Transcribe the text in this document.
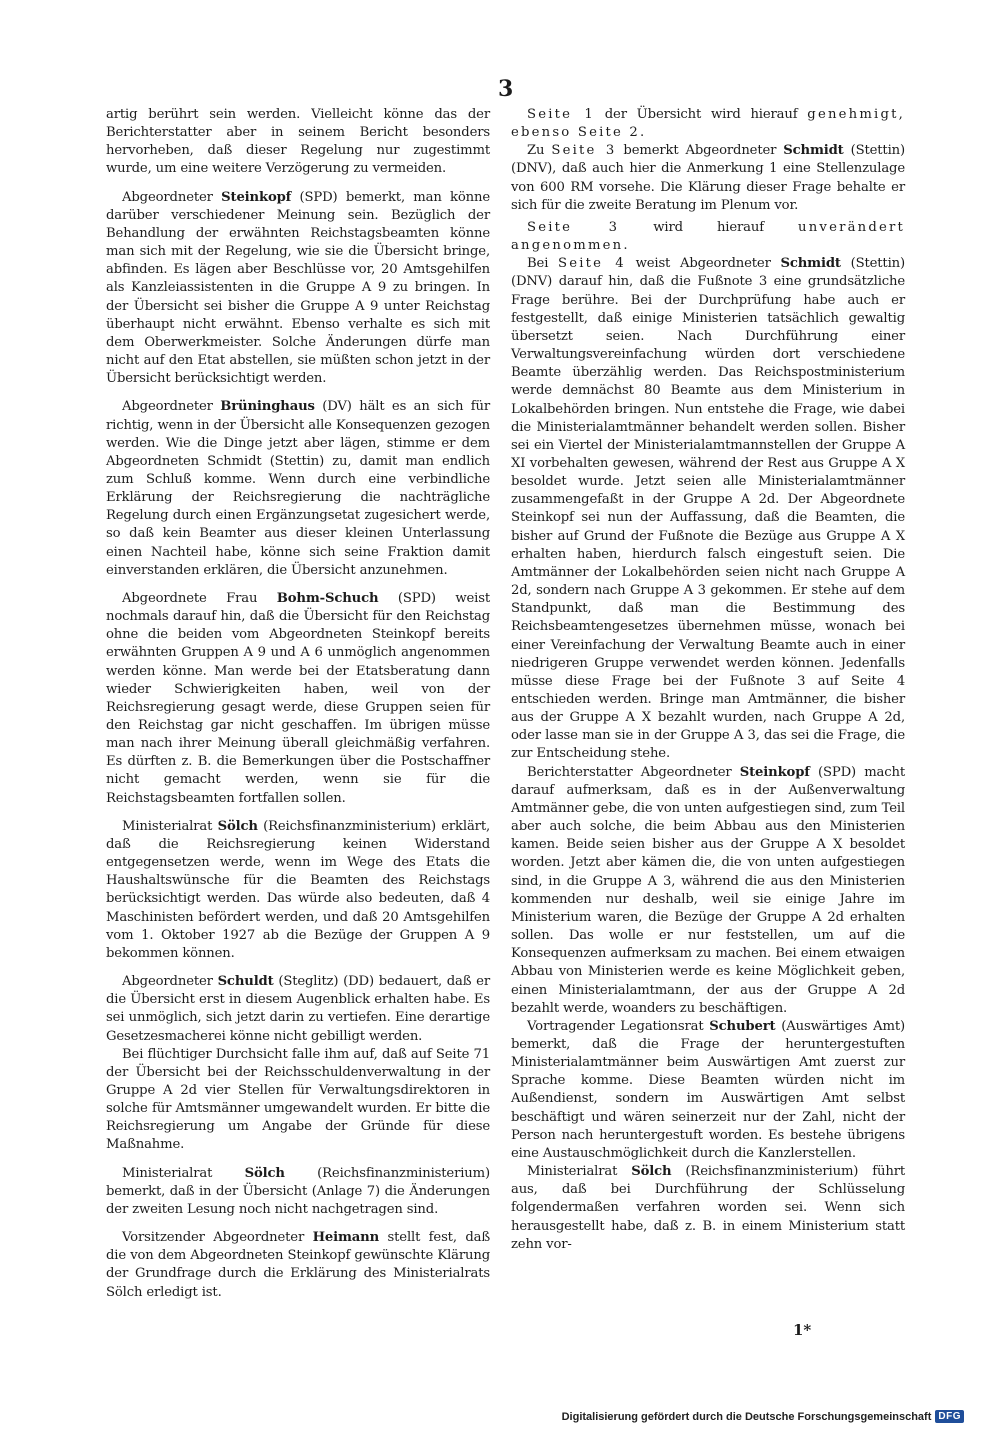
3

artig berührt sein werden. Vielleicht könne das der Berichterstatter aber in seinem Bericht besonders hervorheben, daß dieser Regelung nur zugestimmt wurde, um eine weitere Verzögerung zu vermeiden.

Abgeordneter Steinkopf (SPD) bemerkt, man könne darüber verschiedener Meinung sein. Bezüglich der Behandlung der erwähnten Reichstagsbeamten könne man sich mit der Regelung, wie sie die Übersicht bringe, abfinden. Es lägen aber Beschlüsse vor, 20 Amtsgehilfen als Kanzleiassistenten in die Gruppe A 9 zu bringen. In der Übersicht sei bisher die Gruppe A 9 unter Reichstag überhaupt nicht erwähnt. Ebenso verhalte es sich mit dem Oberwerkmeister. Solche Änderungen dürfe man nicht auf den Etat abstellen, sie müßten schon jetzt in der Übersicht berücksichtigt werden.

Abgeordneter Brüninghaus (DV) hält es an sich für richtig, wenn in der Übersicht alle Konsequenzen gezogen werden. Wie die Dinge jetzt aber lägen, stimme er dem Abgeordneten Schmidt (Stettin) zu, damit man endlich zum Schluß komme. Wenn durch eine verbindliche Erklärung der Reichsregierung die nachträgliche Regelung durch einen Ergänzungsetat zugesichert werde, so daß kein Beamter aus dieser kleinen Unterlassung einen Nachteil habe, könne sich seine Fraktion damit einverstanden erklären, die Übersicht anzunehmen.

Abgeordnete Frau Bohm-Schuch (SPD) weist nochmals darauf hin, daß die Übersicht für den Reichstag ohne die beiden vom Abgeordneten Steinkopf bereits erwähnten Gruppen A 9 und A 6 unmöglich angenommen werden könne. Man werde bei der Etatsberatung dann wieder Schwierigkeiten haben, weil von der Reichsregierung gesagt werde, diese Gruppen seien für den Reichstag gar nicht geschaffen. Im übrigen müsse man nach ihrer Meinung überall gleichmäßig verfahren. Es dürften z. B. die Bemerkungen über die Postschaffner nicht gemacht werden, wenn sie für die Reichstagsbeamten fortfallen sollen.

Ministerialrat Sölch (Reichsfinanzministerium) erklärt, daß die Reichsregierung keinen Widerstand entgegensetzen werde, wenn im Wege des Etats die Haushaltswünsche für die Beamten des Reichstags berücksichtigt werden. Das würde also bedeuten, daß 4 Maschinisten befördert werden, und daß 20 Amtsgehilfen vom 1. Oktober 1927 ab die Bezüge der Gruppen A 9 bekommen können.

Abgeordneter Schuldt (Steglitz) (DD) bedauert, daß er die Übersicht erst in diesem Augenblick erhalten habe. Es sei unmöglich, sich jetzt darin zu vertiefen. Eine derartige Gesetzesmacherei könne nicht gebilligt werden.

Bei flüchtiger Durchsicht falle ihm auf, daß auf Seite 71 der Übersicht bei der Reichsschuldenverwaltung in der Gruppe A 2d vier Stellen für Verwaltungsdirektoren in solche für Amtsmänner umgewandelt wurden. Er bitte die Reichsregierung um Angabe der Gründe für diese Maßnahme.

Ministerialrat Sölch (Reichsfinanzministerium) bemerkt, daß in der Übersicht (Anlage 7) die Änderungen der zweiten Lesung noch nicht nachgetragen sind.

Vorsitzender Abgeordneter Heimann stellt fest, daß die von dem Abgeordneten Steinkopf gewünschte Klärung der Grundfrage durch die Erklärung des Ministerialrats Sölch erledigt ist.

Seite 1 der Übersicht wird hierauf genehmigt, ebenso Seite 2.

Zu Seite 3 bemerkt Abgeordneter Schmidt (Stettin) (DNV), daß auch hier die Anmerkung 1 eine Stellenzulage von 600 RM vorsehe. Die Klärung dieser Frage behalte er sich für die zweite Beratung im Plenum vor.

Seite 3 wird hierauf unverändert angenommen.

Bei Seite 4 weist Abgeordneter Schmidt (Stettin) (DNV) darauf hin, daß die Fußnote 3 eine grundsätzliche Frage berühre. Bei der Durchprüfung habe auch er festgestellt, daß einige Ministerien tatsächlich gewaltig übersetzt seien. Nach Durchführung einer Verwaltungsvereinfachung würden dort verschiedene Beamte überzählig werden. Das Reichspostministerium werde demnächst 80 Beamte aus dem Ministerium in Lokalbehörden bringen. Nun entstehe die Frage, wie dabei die Ministerialamtmänner behandelt werden sollen. Bisher sei ein Viertel der Ministerialamtmannstellen der Gruppe A XI vorbehalten gewesen, während der Rest aus Gruppe A X besoldet wurde. Jetzt seien alle Ministerialamtmänner zusammengefaßt in der Gruppe A 2d. Der Abgeordnete Steinkopf sei nun der Auffassung, daß die Beamten, die bisher auf Grund der Fußnote die Bezüge aus Gruppe A X erhalten haben, hierdurch falsch eingestuft seien. Die Amtmänner der Lokalbehörden seien nicht nach Gruppe A 2d, sondern nach Gruppe A 3 gekommen. Er stehe auf dem Standpunkt, daß man die Bestimmung des Reichsbeamtengesetzes übernehmen müsse, wonach bei einer Vereinfachung der Verwaltung Beamte auch in einer niedrigeren Gruppe verwendet werden können. Jedenfalls müsse diese Frage bei der Fußnote 3 auf Seite 4 entschieden werden. Bringe man Amtmänner, die bisher aus der Gruppe A X bezahlt wurden, nach Gruppe A 2d, oder lasse man sie in der Gruppe A 3, das sei die Frage, die zur Entscheidung stehe.

Berichterstatter Abgeordneter Steinkopf (SPD) macht darauf aufmerksam, daß es in der Außenverwaltung Amtmänner gebe, die von unten aufgestiegen sind, zum Teil aber auch solche, die beim Abbau aus den Ministerien kamen. Beide seien bisher aus der Gruppe A X besoldet worden. Jetzt aber kämen die, die von unten aufgestiegen sind, in die Gruppe A 3, während die aus den Ministerien kommenden nur deshalb, weil sie einige Jahre im Ministerium waren, die Bezüge der Gruppe A 2d erhalten sollen. Das wolle er nur feststellen, um auf die Konsequenzen aufmerksam zu machen. Bei einem etwaigen Abbau von Ministerien werde es keine Möglichkeit geben, einen Ministerialamtmann, der aus der Gruppe A 2d bezahlt werde, woanders zu beschäftigen.

Vortragender Legationsrat Schubert (Auswärtiges Amt) bemerkt, daß die Frage der heruntergestuften Ministerialamtmänner beim Auswärtigen Amt zuerst zur Sprache komme. Diese Beamten würden nicht im Außendienst, sondern im Auswärtigen Amt selbst beschäftigt und wären seinerzeit nur der Zahl, nicht der Person nach heruntergestuft worden. Es bestehe übrigens eine Austauschmöglichkeit durch die Kanzlerstellen.

Ministerialrat Sölch (Reichsfinanzministerium) führt aus, daß bei Durchführung der Schlüsselung folgendermaßen verfahren worden sei. Wenn sich herausgestellt habe, daß z. B. in einem Ministerium statt zehn vor-

1*
Digitalisierung gefördert durch die Deutsche Forschungsgemeinschaft DFG
